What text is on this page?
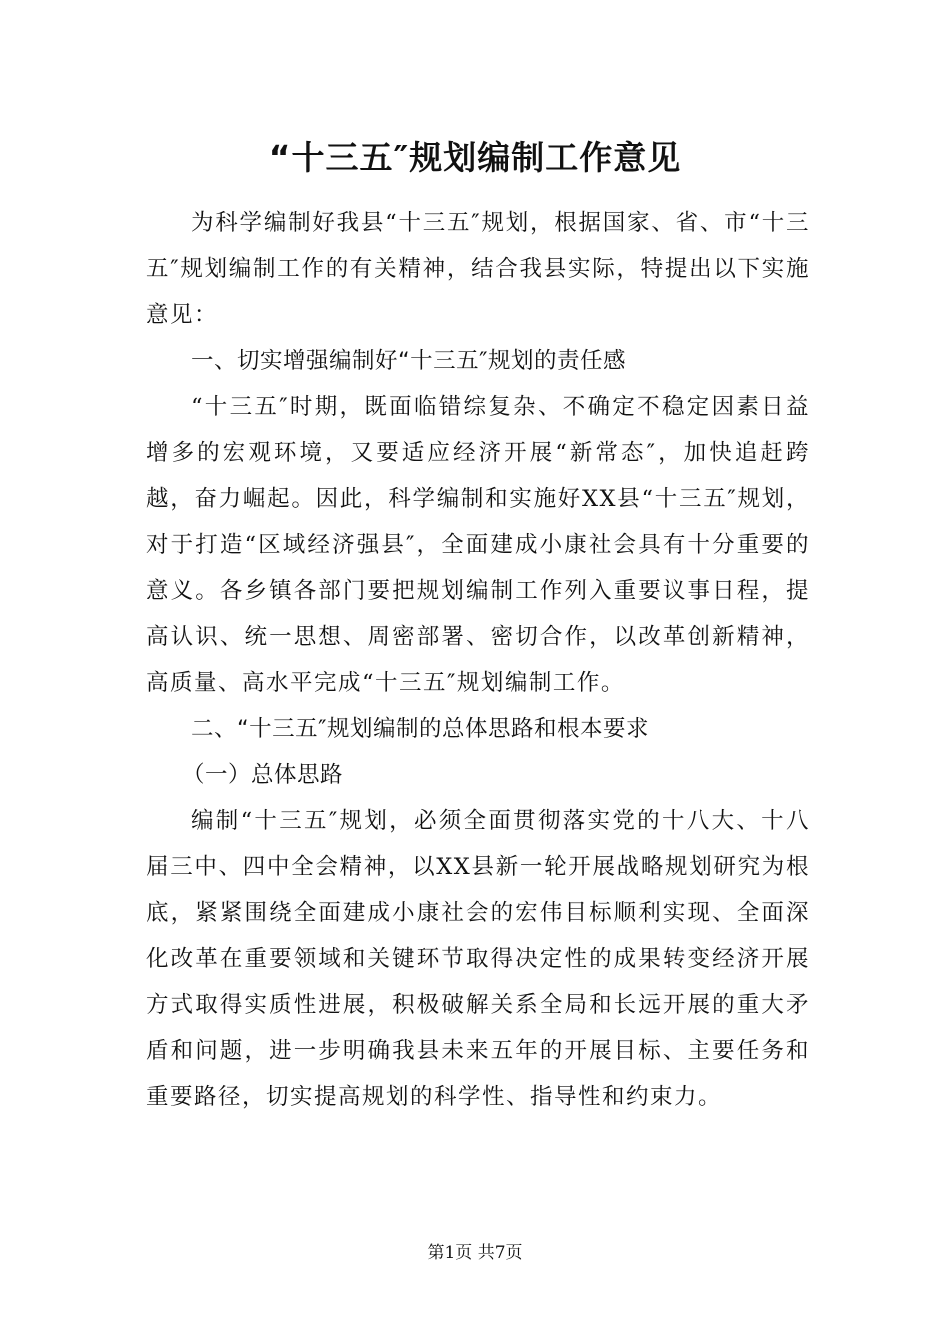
“十三五″规划编制工作意见

为科学编制好我县“十三五″规划，根据国家、省、市“十三五″规划编制工作的有关精神，结合我县实际，特提出以下实施意见：

一、切实增强编制好“十三五″规划的责任感

“十三五″时期，既面临错综复杂、不确定不稳定因素日益增多的宏观环境，又要适应经济开展“新常态″，加快追赶跨越，奋力崛起。因此，科学编制和实施好XX县“十三五″规划，对于打造“区域经济强县″，全面建成小康社会具有十分重要的意义。各乡镇各部门要把规划编制工作列入重要议事日程，提高认识、统一思想、周密部署、密切合作，以改革创新精神，高质量、高水平完成“十三五″规划编制工作。

二、“十三五″规划编制的总体思路和根本要求

（一）总体思路

编制“十三五″规划，必须全面贯彻落实党的十八大、十八届三中、四中全会精神，以XX县新一轮开展战略规划研究为根底，紧紧围绕全面建成小康社会的宏伟目标顺利实现、全面深化改革在重要领域和关键环节取得决定性的成果转变经济开展方式取得实质性进展，积极破解关系全局和长远开展的重大矛盾和问题，进一步明确我县未来五年的开展目标、主要任务和重要路径，切实提高规划的科学性、指导性和约束力。

第1页 共7页
